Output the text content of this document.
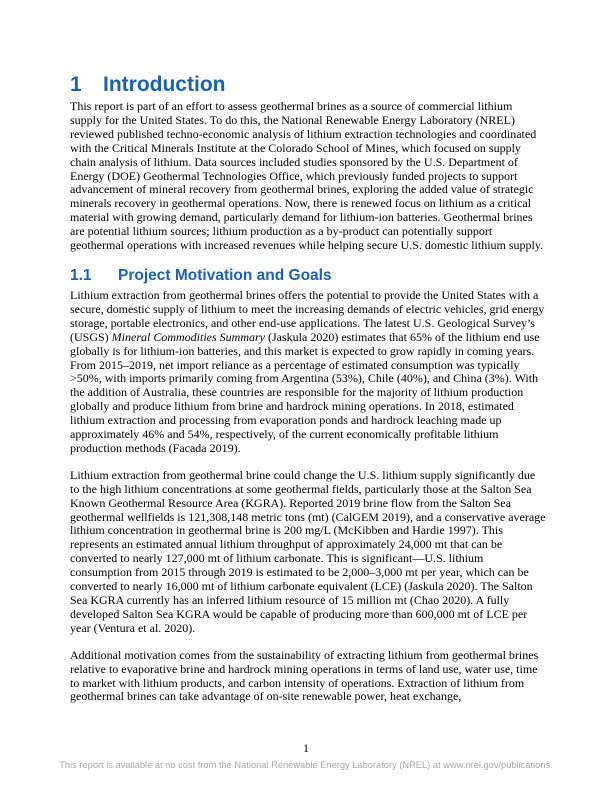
1	Introduction

This report is part of an effort to assess geothermal brines as a source of commercial lithium supply for the United States. To do this, the National Renewable Energy Laboratory (NREL) reviewed published techno-economic analysis of lithium extraction technologies and coordinated with the Critical Minerals Institute at the Colorado School of Mines, which focused on supply chain analysis of lithium. Data sources included studies sponsored by the U.S. Department of Energy (DOE) Geothermal Technologies Office, which previously funded projects to support advancement of mineral recovery from geothermal brines, exploring the added value of strategic minerals recovery in geothermal operations. Now, there is renewed focus on lithium as a critical material with growing demand, particularly demand for lithium-ion batteries. Geothermal brines are potential lithium sources; lithium production as a by-product can potentially support geothermal operations with increased revenues while helping secure U.S. domestic lithium supply.

1.1	Project Motivation and Goals

Lithium extraction from geothermal brines offers the potential to provide the United States with a secure, domestic supply of lithium to meet the increasing demands of electric vehicles, grid energy storage, portable electronics, and other end-use applications. The latest U.S. Geological Survey’s (USGS) Mineral Commodities Summary (Jaskula 2020) estimates that 65% of the lithium end use globally is for lithium-ion batteries, and this market is expected to grow rapidly in coming years. From 2015–2019, net import reliance as a percentage of estimated consumption was typically >50%, with imports primarily coming from Argentina (53%), Chile (40%), and China (3%). With the addition of Australia, these countries are responsible for the majority of lithium production globally and produce lithium from brine and hardrock mining operations. In 2018, estimated lithium extraction and processing from evaporation ponds and hardrock leaching made up approximately 46% and 54%, respectively, of the current economically profitable lithium production methods (Facada 2019).

Lithium extraction from geothermal brine could change the U.S. lithium supply significantly due to the high lithium concentrations at some geothermal fields, particularly those at the Salton Sea Known Geothermal Resource Area (KGRA). Reported 2019 brine flow from the Salton Sea geothermal wellfields is 121,308,148 metric tons (mt) (CalGEM 2019), and a conservative average lithium concentration in geothermal brine is 200 mg/L (McKibben and Hardie 1997). This represents an estimated annual lithium throughput of approximately 24,000 mt that can be converted to nearly 127,000 mt of lithium carbonate. This is significant—U.S. lithium consumption from 2015 through 2019 is estimated to be 2,000–3,000 mt per year, which can be converted to nearly 16,000 mt of lithium carbonate equivalent (LCE) (Jaskula 2020). The Salton Sea KGRA currently has an inferred lithium resource of 15 million mt (Chao 2020). A fully developed Salton Sea KGRA would be capable of producing more than 600,000 mt of LCE per year (Ventura et al. 2020).

Additional motivation comes from the sustainability of extracting lithium from geothermal brines relative to evaporative brine and hardrock mining operations in terms of land use, water use, time to market with lithium products, and carbon intensity of operations. Extraction of lithium from geothermal brines can take advantage of on-site renewable power, heat exchange,

1
This report is available at no cost from the National Renewable Energy Laboratory (NREL) at www.nrel.gov/publications.
